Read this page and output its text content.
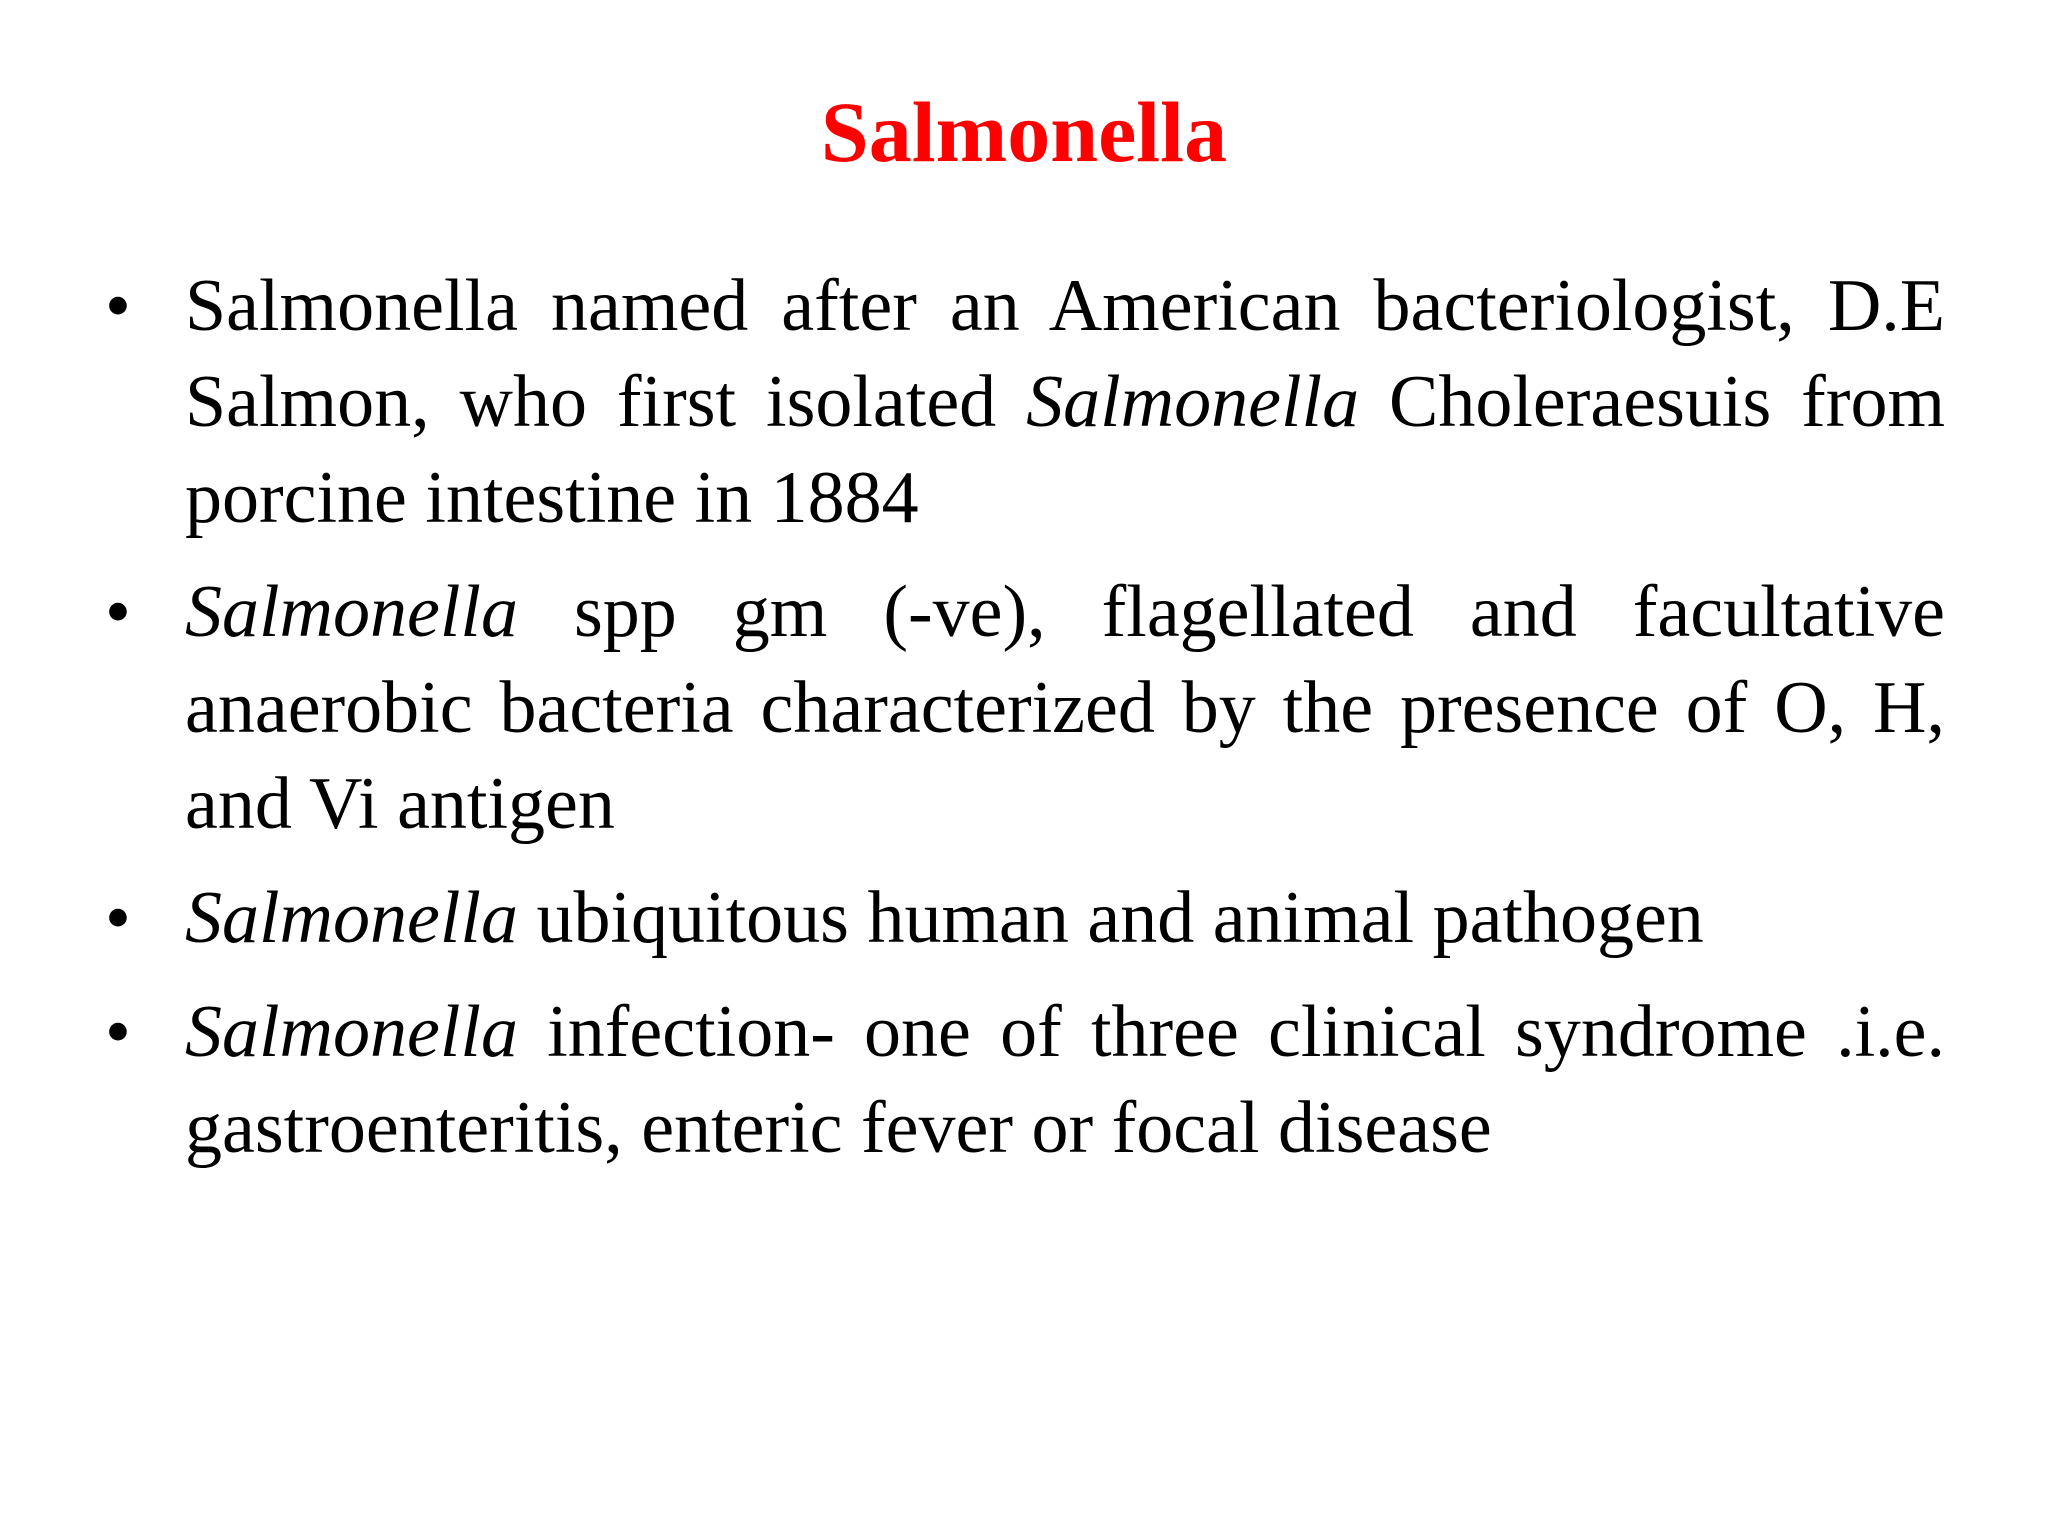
Salmonella
• Salmonella named after an American bacteriologist, D.E Salmon, who first isolated Salmonella Choleraesuis from porcine intestine in 1884
• Salmonella spp gm (-ve), flagellated and facultative anaerobic bacteria characterized by the presence of O, H, and Vi antigen
• Salmonella ubiquitous human and animal pathogen
• Salmonella infection- one of three clinical syndrome .i.e. gastroenteritis, enteric fever or focal disease
